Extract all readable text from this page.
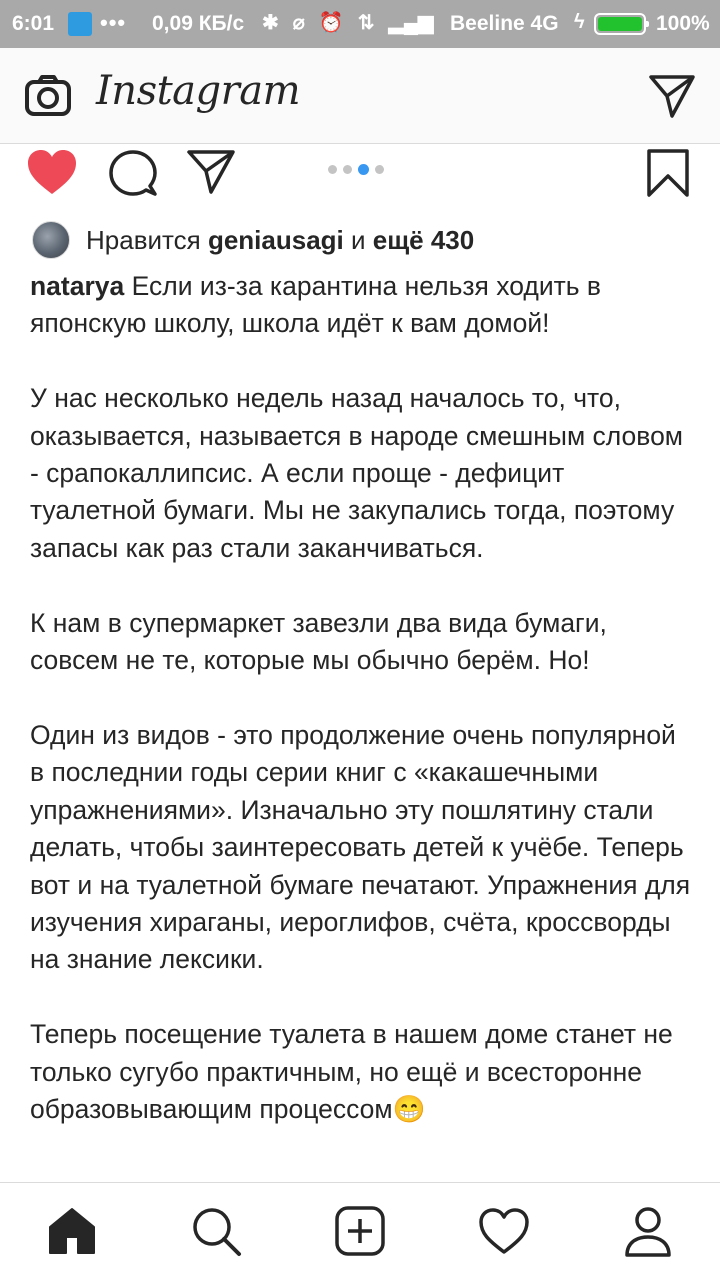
6:01 ••• 0,09 КБ/с ✱ ⌀ ⏰ ⇅ ▂▄▆ Beeline 4G ϟ	100%
Instagram
Нравится geniausagi и ещё 430
natarya Если из-за карантина нельзя ходить в японскую школу, школа идёт к вам домой!

У нас несколько недель назад началось то, что, оказывается, называется в народе смешным словом - срапокаллипсис. А если проще - дефицит туалетной бумаги. Мы не закупались тогда, поэтому запасы как раз стали заканчиваться.

К нам в супермаркет завезли два вида бумаги, совсем не те, которые мы обычно берём. Но!

Один из видов - это продолжение очень популярной в последнии годы серии книг с «какашечными упражнениями». Изначально эту пошлятину стали делать, чтобы заинтересовать детей к учёбе. Теперь вот и на туалетной бумаге печатают. Упражнения для изучения хираганы, иероглифов, счёта, кроссворды на знание лексики.

Теперь посещение туалета в нашем доме станет не только сугубо практичным, но ещё и всесторонне образовывающим процессом😁
